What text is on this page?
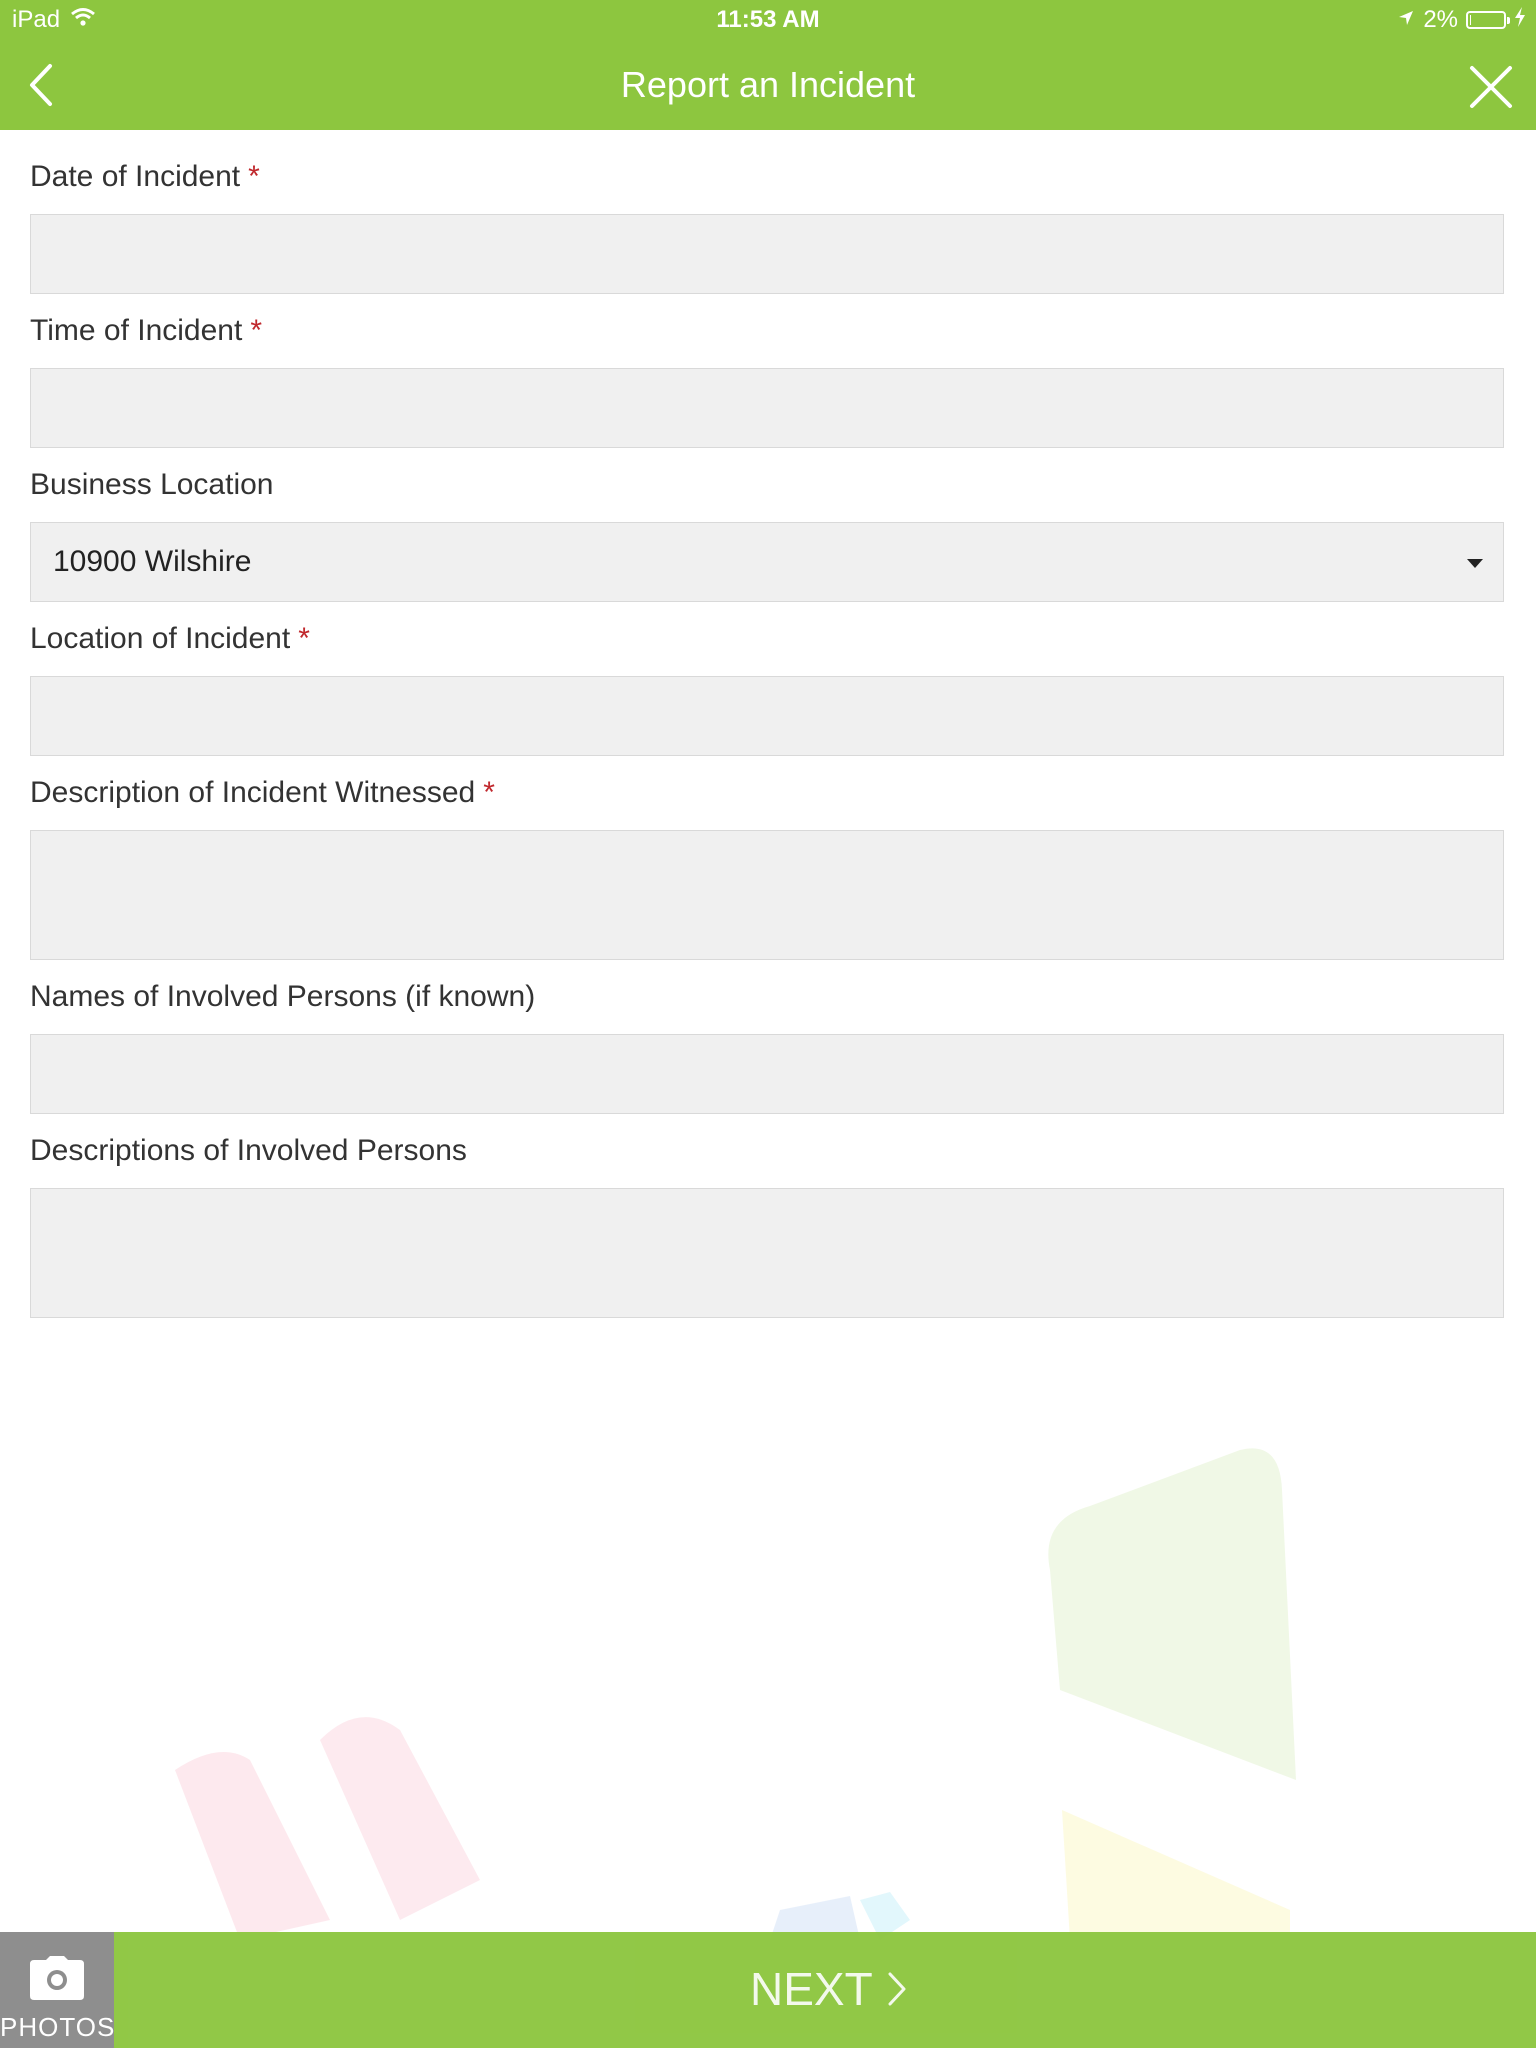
iPad	11:53 AM	2%
Report an Incident
Date of Incident *
Time of Incident *
Business Location
10900 Wilshire
Location of Incident *
Description of Incident Witnessed *
Names of Involved Persons (if known)
Descriptions of Involved Persons
PHOTOS
NEXT
